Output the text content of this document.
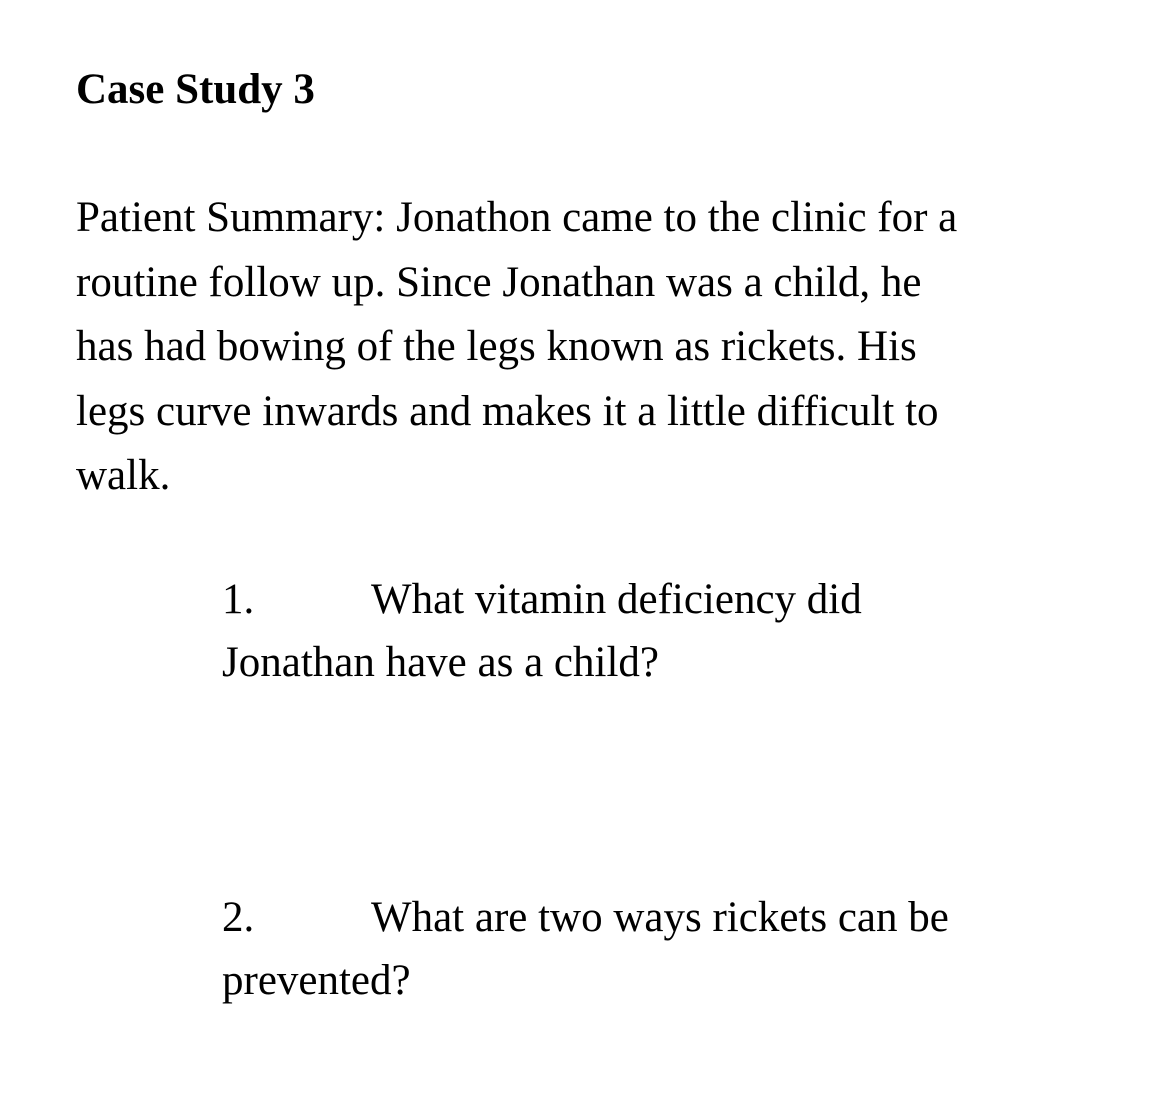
Case Study 3

Patient Summary: Jonathon came to the clinic for a
routine follow up. Since Jonathan was a child, he
has had bowing of the legs known as rickets. His
legs curve inwards and makes it a little difficult to
walk.

1.	What vitamin deficiency did
Jonathan have as a child?
2.	What are two ways rickets can be
prevented?
